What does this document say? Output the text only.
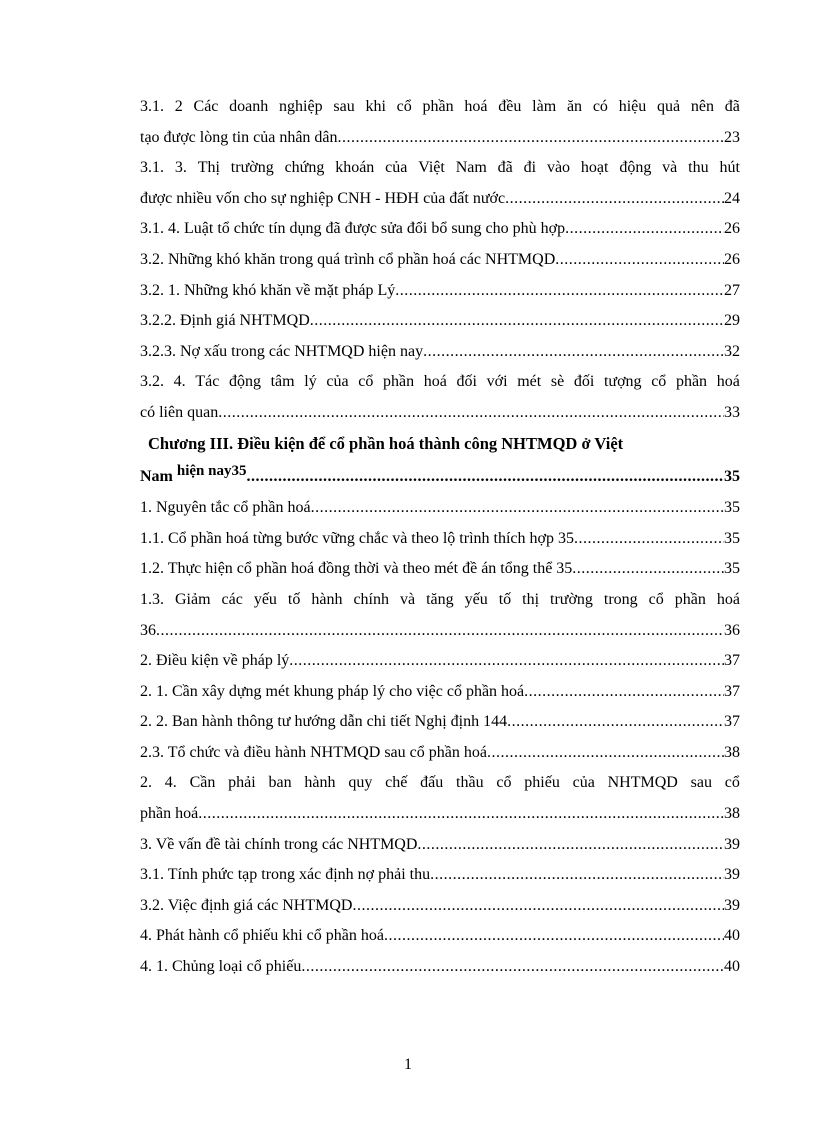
3.1. 2 Các doanh nghiệp sau khi cổ phần hoá đều làm ăn có hiệu quả nên đã
tạo được lòng tin của nhân dân .....	23
3.1. 3. Thị trường chứng khoán của Việt Nam đã đi vào hoạt động và thu hút
được nhiều vốn cho sự nghiệp CNH - HĐH của đất nước .....	24
3.1. 4. Luật tổ chức tín dụng đã được sửa đổi bổ sung cho phù hợp .....	26
3.2. Những khó khăn trong quá trình cổ phần hoá các NHTMQD .....	26
3.2. 1. Những khó khăn về mặt pháp Lý .....	27
3.2.2. Định giá NHTMQD .....	29
3.2.3. Nợ xấu trong các NHTMQD hiện nay .....	32
3.2. 4. Tác động tâm lý của cổ phần hoá đối với mét sè đối tượng cổ phần hoá
có liên quan .....	33
Chương III. Điều kiện để cổ phần hoá thành công NHTMQD ở Việt
Nam hiện nay35 .....	35
1. Nguyên tắc cổ phần hoá .....	35
1.1. Cổ phần hoá từng bước vững chắc và theo lộ trình thích hợp 35 .....	35
1.2. Thực hiện cổ phần hoá đồng thời và theo mét đề án tổng thể 35 .....	35
1.3. Giảm các yếu tố hành chính và tăng yếu tố thị trường trong cổ phần hoá
36 .....	36
2. Điều kiện về pháp lý .....	37
2. 1. Cần xây dựng mét khung pháp lý cho việc cổ phần hoá .....	37
2. 2. Ban hành thông tư hướng dẫn chi tiết Nghị định 144 .....	37
2.3. Tổ chức và điều hành NHTMQD sau cổ phần hoá .....	38
2. 4. Cần phải ban hành quy chế đấu thầu cổ phiếu của NHTMQD sau cổ
phần hoá .....	38
3. Về vấn đề tài chính trong các NHTMQD .....	39
3.1. Tính phức tạp trong xác định nợ phải thu .....	39
3.2. Việc định giá các NHTMQD .....	39
4. Phát hành cổ phiếu khi cổ phần hoá .....	40
4. 1. Chủng loại cổ phiếu .....	40
1
